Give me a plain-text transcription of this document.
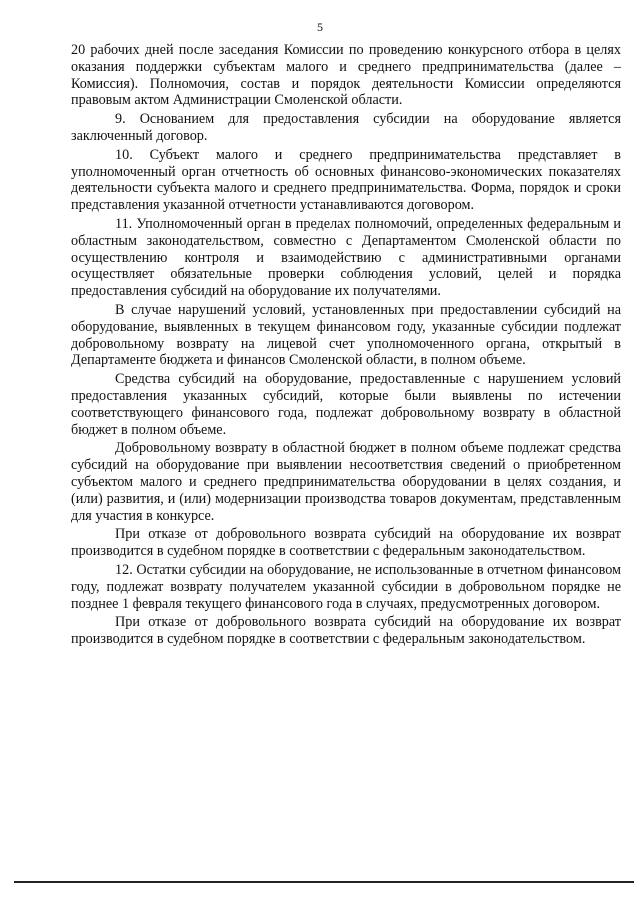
5

20 рабочих дней после заседания Комиссии по проведению конкурсного отбора в целях оказания поддержки субъектам малого и среднего предпринимательства (далее – Комиссия). Полномочия, состав и порядок деятельности Комиссии определяются правовым актом Администрации Смоленской области.

9. Основанием для предоставления субсидии на оборудование является заключенный договор.

10. Субъект малого и среднего предпринимательства представляет в уполномоченный орган отчетность об основных финансово-экономических показателях деятельности субъекта малого и среднего предпринимательства. Форма, порядок и сроки представления указанной отчетности устанавливаются договором.

11. Уполномоченный орган в пределах полномочий, определенных федеральным и областным законодательством, совместно с Департаментом Смоленской области по осуществлению контроля и взаимодействию с административными органами осуществляет обязательные проверки соблюдения условий, целей и порядка предоставления субсидий на оборудование их получателями.

В случае нарушений условий, установленных при предоставлении субсидий на оборудование, выявленных в текущем финансовом году, указанные субсидии подлежат добровольному возврату на лицевой счет уполномоченного органа, открытый в Департаменте бюджета и финансов Смоленской области, в полном объеме.

Средства субсидий на оборудование, предоставленные с нарушением условий предоставления указанных субсидий, которые были выявлены по истечении соответствующего финансового года, подлежат добровольному возврату в областной бюджет в полном объеме.

Добровольному возврату в областной бюджет в полном объеме подлежат средства субсидий на оборудование при выявлении несоответствия сведений о приобретенном субъектом малого и среднего предпринимательства оборудовании в целях создания, и (или) развития, и (или) модернизации производства товаров документам, представленным для участия в конкурсе.

При отказе от добровольного возврата субсидий на оборудование их возврат производится в судебном порядке в соответствии с федеральным законодательством.

12. Остатки субсидии на оборудование, не использованные в отчетном финансовом году, подлежат возврату получателем указанной субсидии в добровольном порядке не позднее 1 февраля текущего финансового года в случаях, предусмотренных договором.

При отказе от добровольного возврата субсидий на оборудование их возврат производится в судебном порядке в соответствии с федеральным законодательством.
